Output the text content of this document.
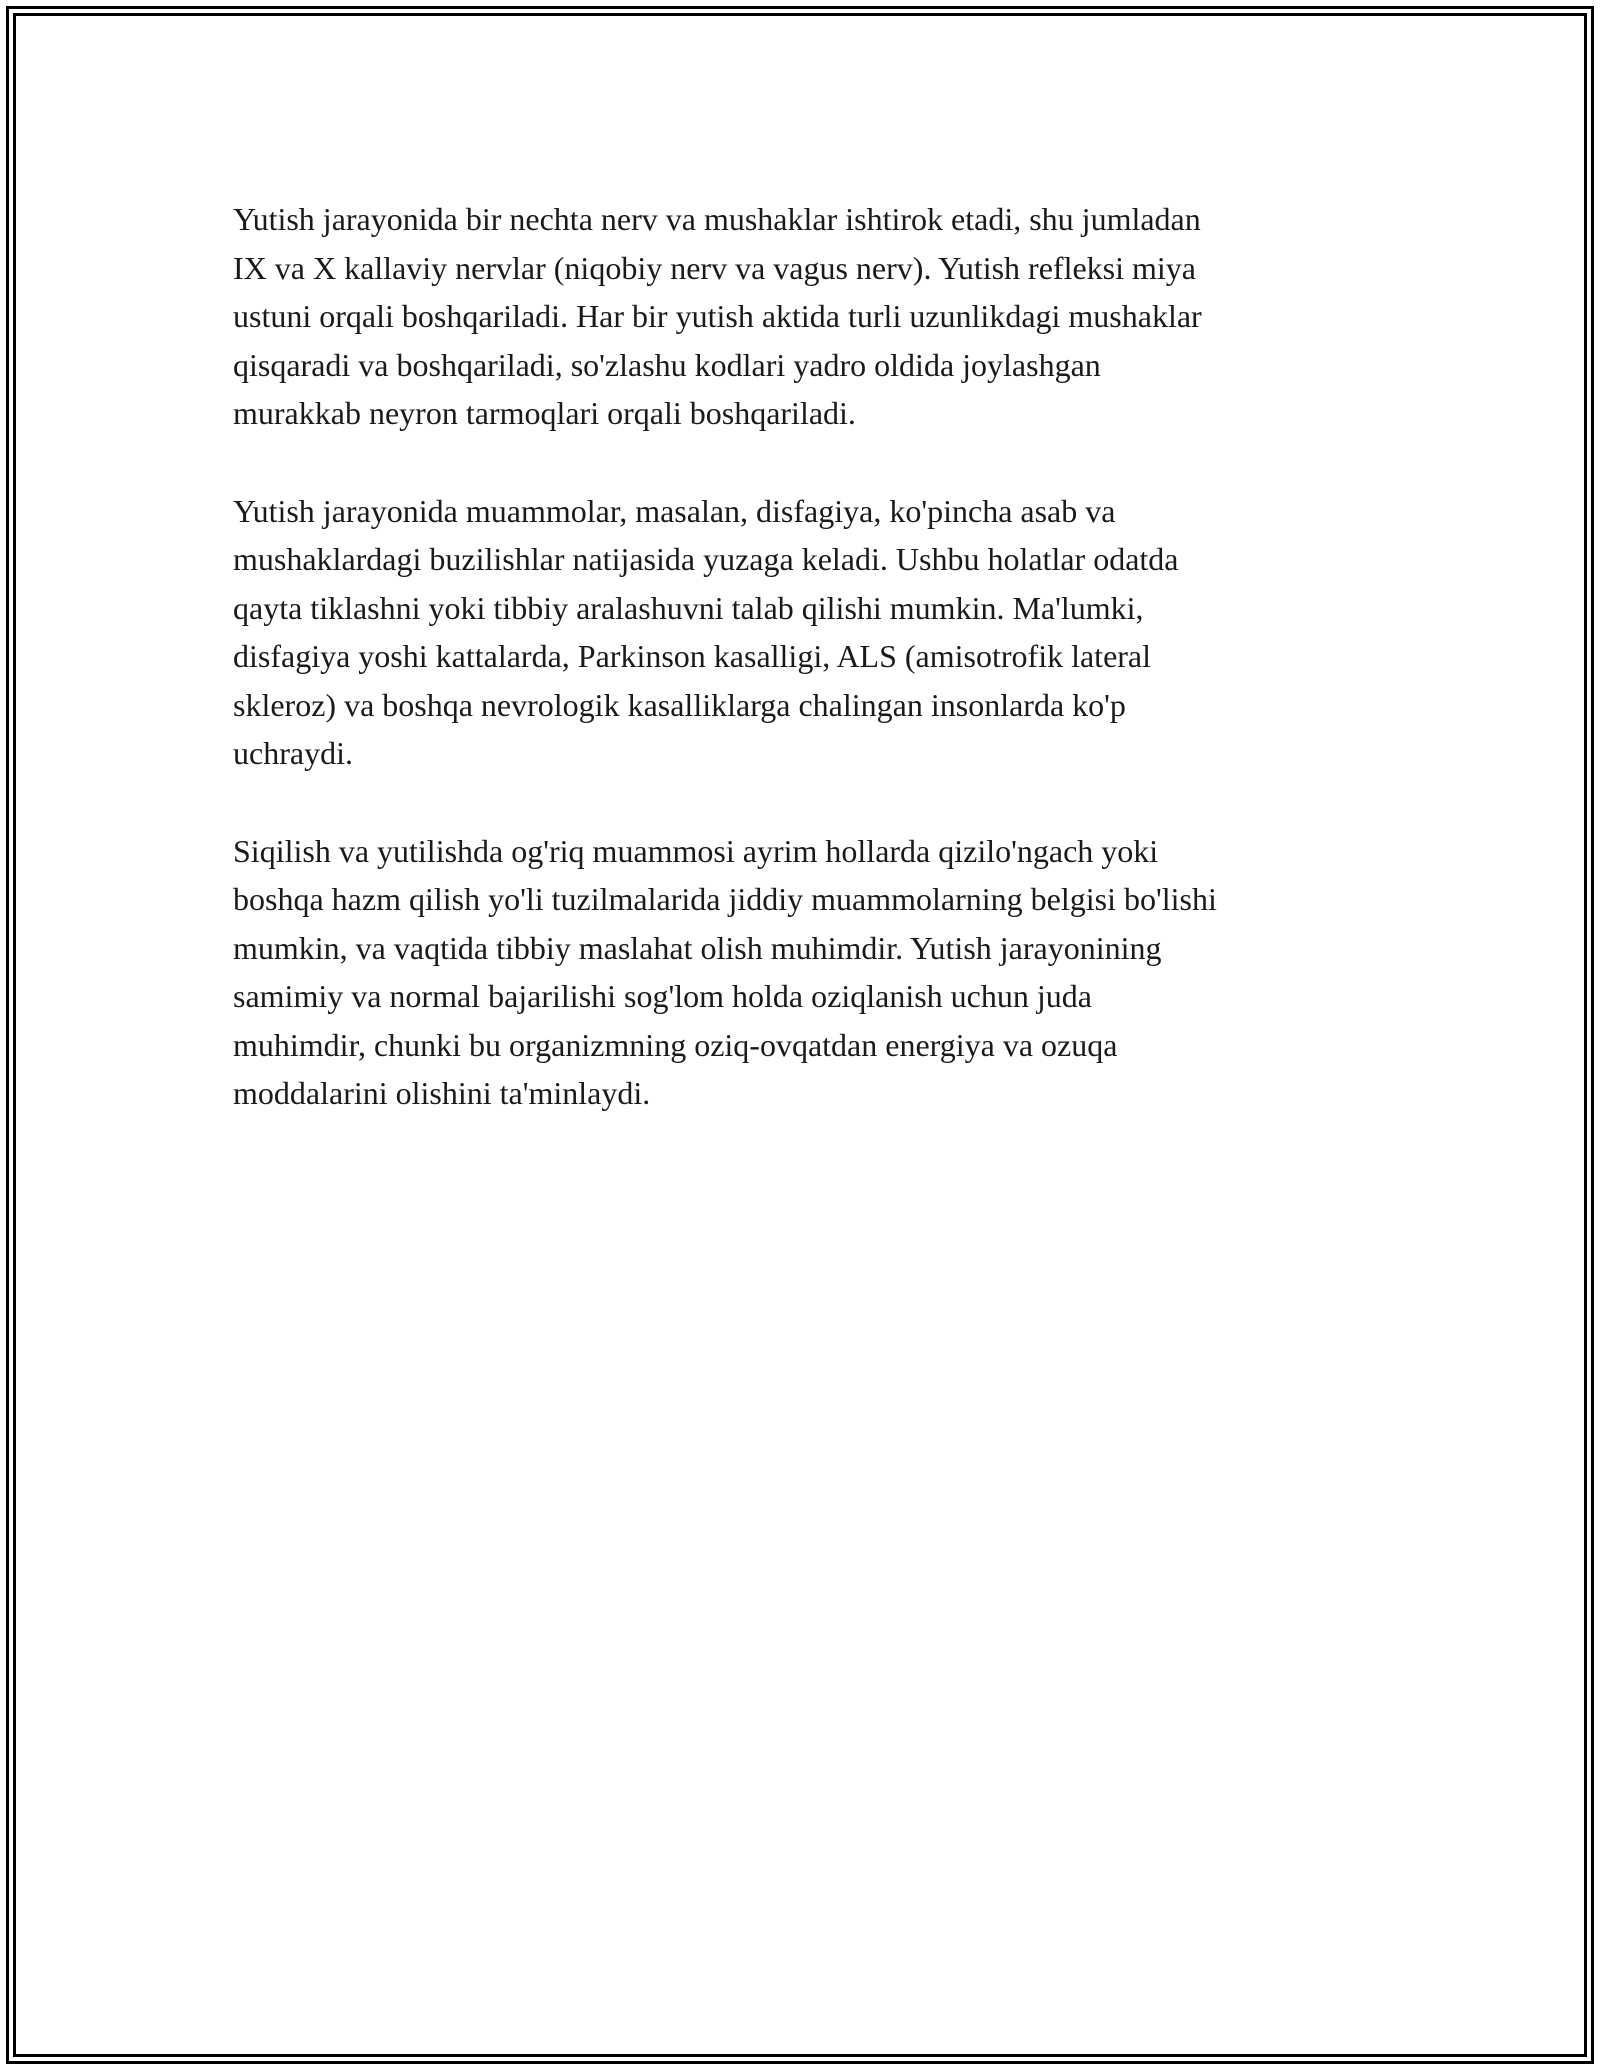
Yutish jarayonida bir nechta nerv va mushaklar ishtirok etadi, shu jumladan
IX va X kallaviy nervlar (niqobiy nerv va vagus nerv). Yutish refleksi miya
ustuni orqali boshqariladi. Har bir yutish aktida turli uzunlikdagi mushaklar
qisqaradi va boshqariladi, so'zlashu kodlari yadro oldida joylashgan
murakkab neyron tarmoqlari orqali boshqariladi.

Yutish jarayonida muammolar, masalan, disfagiya, ko'pincha asab va
mushaklardagi buzilishlar natijasida yuzaga keladi. Ushbu holatlar odatda
qayta tiklashni yoki tibbiy aralashuvni talab qilishi mumkin. Ma'lumki,
disfagiya yoshi kattalarda, Parkinson kasalligi, ALS (amisotrofik lateral
skleroz) va boshqa nevrologik kasalliklarga chalingan insonlarda ko'p
uchraydi.

Siqilish va yutilishda og'riq muammosi ayrim hollarda qizilo'ngach yoki
boshqa hazm qilish yo'li tuzilmalarida jiddiy muammolarning belgisi bo'lishi
mumkin, va vaqtida tibbiy maslahat olish muhimdir. Yutish jarayonining
samimiy va normal bajarilishi sog'lom holda oziqlanish uchun juda
muhimdir, chunki bu organizmning oziq-ovqatdan energiya va ozuqa
moddalarini olishini ta'minlaydi.
